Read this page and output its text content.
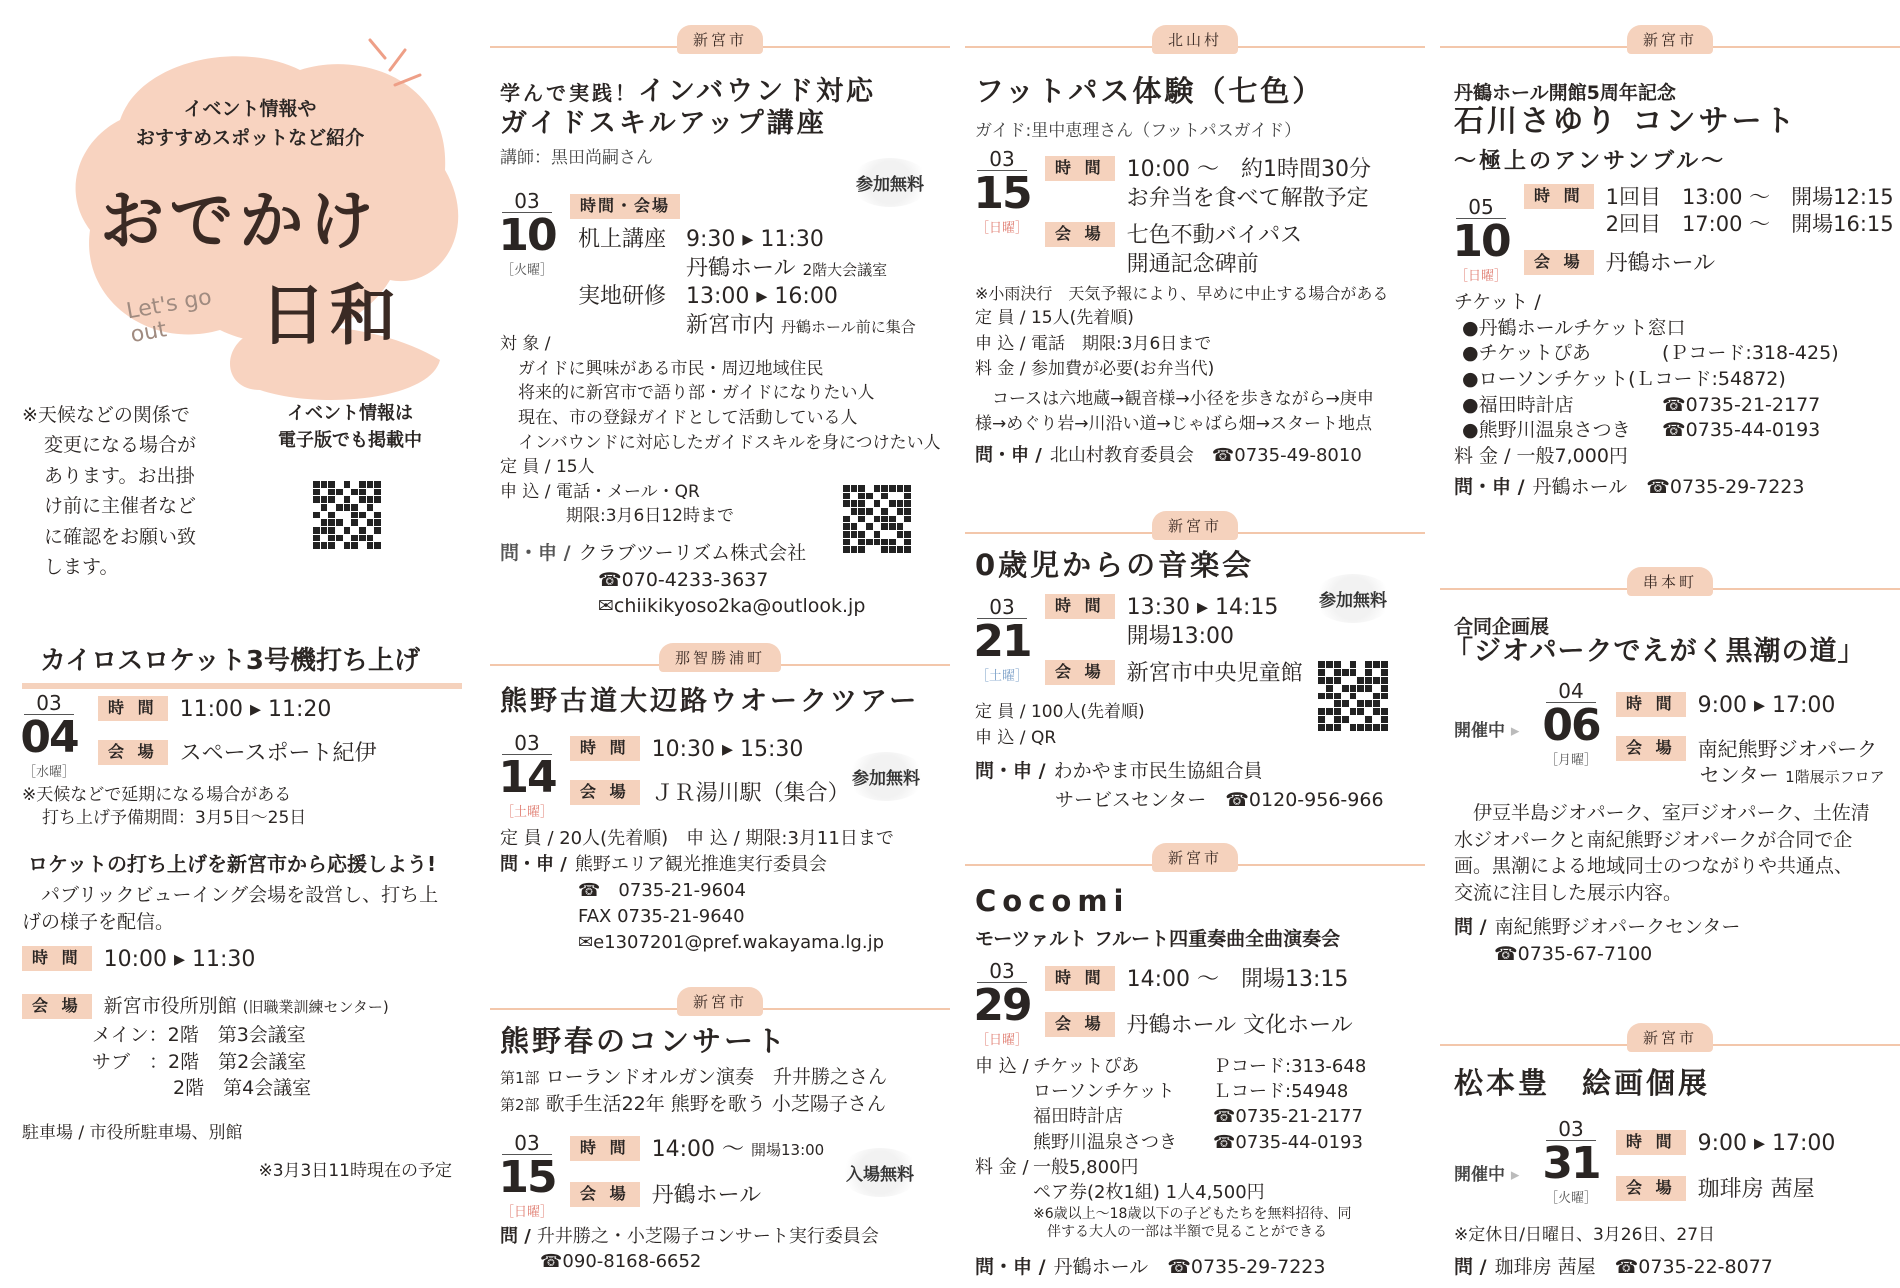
イベント情報や
おすすめスポットなど紹介
おでかけ
Let's go out	日和
※天候などの関係で
変更になる場合が
あります。お出掛
け前に主催者など
に確認をお願い致
します。
イベント情報は
電子版でも掲載中
カイロスロケット3号機打ち上げ
03
04
［水曜］
時 間 11:00 ▸ 11:20
会 場 スペースポート紀伊
※天候などで延期になる場合がある
打ち上げ予備期間：3月5日～25日
ロケットの打ち上げを新宮市から応援しよう!
　パブリックビューイング会場を設営し、打ち上
げの様子を配信。
時 間 10:00 ▸ 11:30
会 場 新宮市役所別館 (旧職業訓練センター)
メイン：2階　第3会議室
サブ　：2階　第2会議室
2階　第4会議室
駐車場 / 市役所駐車場、別館
※3月3日11時現在の予定
新宮市
学んで実践！インバウンド対応
ガイドスキルアップ講座
講師：黒田尚嗣さん
参加無料
03
10
［火曜］
時間・会場
机上講座 9:30 ▸ 11:30
丹鶴ホール 2階大会議室
実地研修 13:00 ▸ 16:00
新宮市内 丹鶴ホール前に集合
対 象 /
ガイドに興味がある市民・周辺地域住民
将来的に新宮市で語り部・ガイドになりたい人
現在、市の登録ガイドとして活動している人
インバウンドに対応したガイドスキルを身につけたい人
定 員 / 15人
申 込 / 電話・メール・QR
期限:3月6日12時まで
問・申 / クラブツーリズム株式会社
☎070-4233-3637
✉chiikikyoso2ka@outlook.jp
那智勝浦町
熊野古道大辺路ウオークツアー
参加無料
03
14
［土曜］
時 間 10:30 ▸ 15:30
会 場 ＪＲ湯川駅（集合）
定 員 / 20人(先着順)　申 込 / 期限:3月11日まで
問・申 / 熊野エリア観光推進実行委員会
☎　0735-21-9604
FAX 0735-21-9640
✉e1307201@pref.wakayama.lg.jp
新宮市
熊野春のコンサート
第1部 ローランドオルガン演奏　 升井勝之さん
第2部 歌手生活22年 熊野を歌う 小芝陽子さん
03
15
［日曜］
時 間 14:00 ～ 開場13:00
会 場 丹鶴ホール
入場無料
問 / 升井勝之・小芝陽子コンサート実行委員会
☎090-8168-6652
北山村
フットパス体験（七色）
ガイド:里中恵理さん（フットパスガイド）
03
15
［日曜］
時 間 10:00 ～　約1時間30分
お弁当を食べて解散予定
会 場 七色不動バイパス
開通記念碑前
※小雨決行　天気予報により、早めに中止する場合がある
定 員 / 15人(先着順)
申 込 / 電話　期限:3月6日まで
料 金 / 参加費が必要(お弁当代)
　コースは六地蔵→観音様→小径を歩きながら→庚申
様→めぐり岩→川沿い道→じゃばら畑→スタート地点
問・申 / 北山村教育委員会　 ☎0735-49-8010
新宮市
0歳児からの音楽会
参加無料
03
21
［土曜］
時 間 13:30 ▸ 14:15
開場13:00
会 場 新宮市中央児童館
定 員 / 100人(先着順)
申 込 / QR
問・申 / わかやま市民生協組合員
サービスセンター　 ☎0120-956-966
新宮市
Cocomi
モーツァルト フルート四重奏曲全曲演奏会
03
29
［日曜］
時 間 14:00 ～　開場13:15
会 場 丹鶴ホール 文化ホール
申 込 / チケットぴあ	Ｐコード:313-648
ローソンチケット Ｌコード:54948
福田時計店	☎0735-21-2177
熊野川温泉さつき ☎0735-44-0193
料 金 / 一般5,800円
ペア券(2枚1組) 1人4,500円
※6歳以上～18歳以下の子どもたちを無料招待、同
伴する大人の一部は半額で見ることができる
問・申 / 丹鶴ホール　 ☎0735-29-7223
新宮市
丹鶴ホール開館5周年記念
石川さゆり コンサート
～極上のアンサンブル～
05
10
［日曜］
時 間 1回目　13:00 ～　開場12:15
2回目　17:00 ～　開場16:15
会 場 丹鶴ホール
チケット /
●丹鶴ホールチケット窓口
●チケットぴあ	(Ｐコード:318-425)
●ローソンチケット(Ｌコード:54872)
●福田時計店	☎0735-21-2177
●熊野川温泉さつき ☎0735-44-0193
料 金 / 一般7,000円
問・申 / 丹鶴ホール　 ☎0735-29-7223
串本町
合同企画展
「ジオパークでえがく黒潮の道」
開催中 ▸
04
06
［月曜］
時 間 9:00 ▸ 17:00
会 場 南紀熊野ジオパーク
センター 1階展示フロア
　伊豆半島ジオパーク、室戸ジオパーク、土佐清
水ジオパークと南紀熊野ジオパークが合同で企
画。黒潮による地域同士のつながりや共通点、
交流に注目した展示内容。
問 / 南紀熊野ジオパークセンター
☎0735-67-7100
新宮市
松本豊　絵画個展
開催中 ▸
03
31
［火曜］
時 間 9:00 ▸ 17:00
会 場 珈琲房 茜屋
※定休日/日曜日、3月26日、27日
問 / 珈琲房 茜屋　 ☎0735-22-8077
